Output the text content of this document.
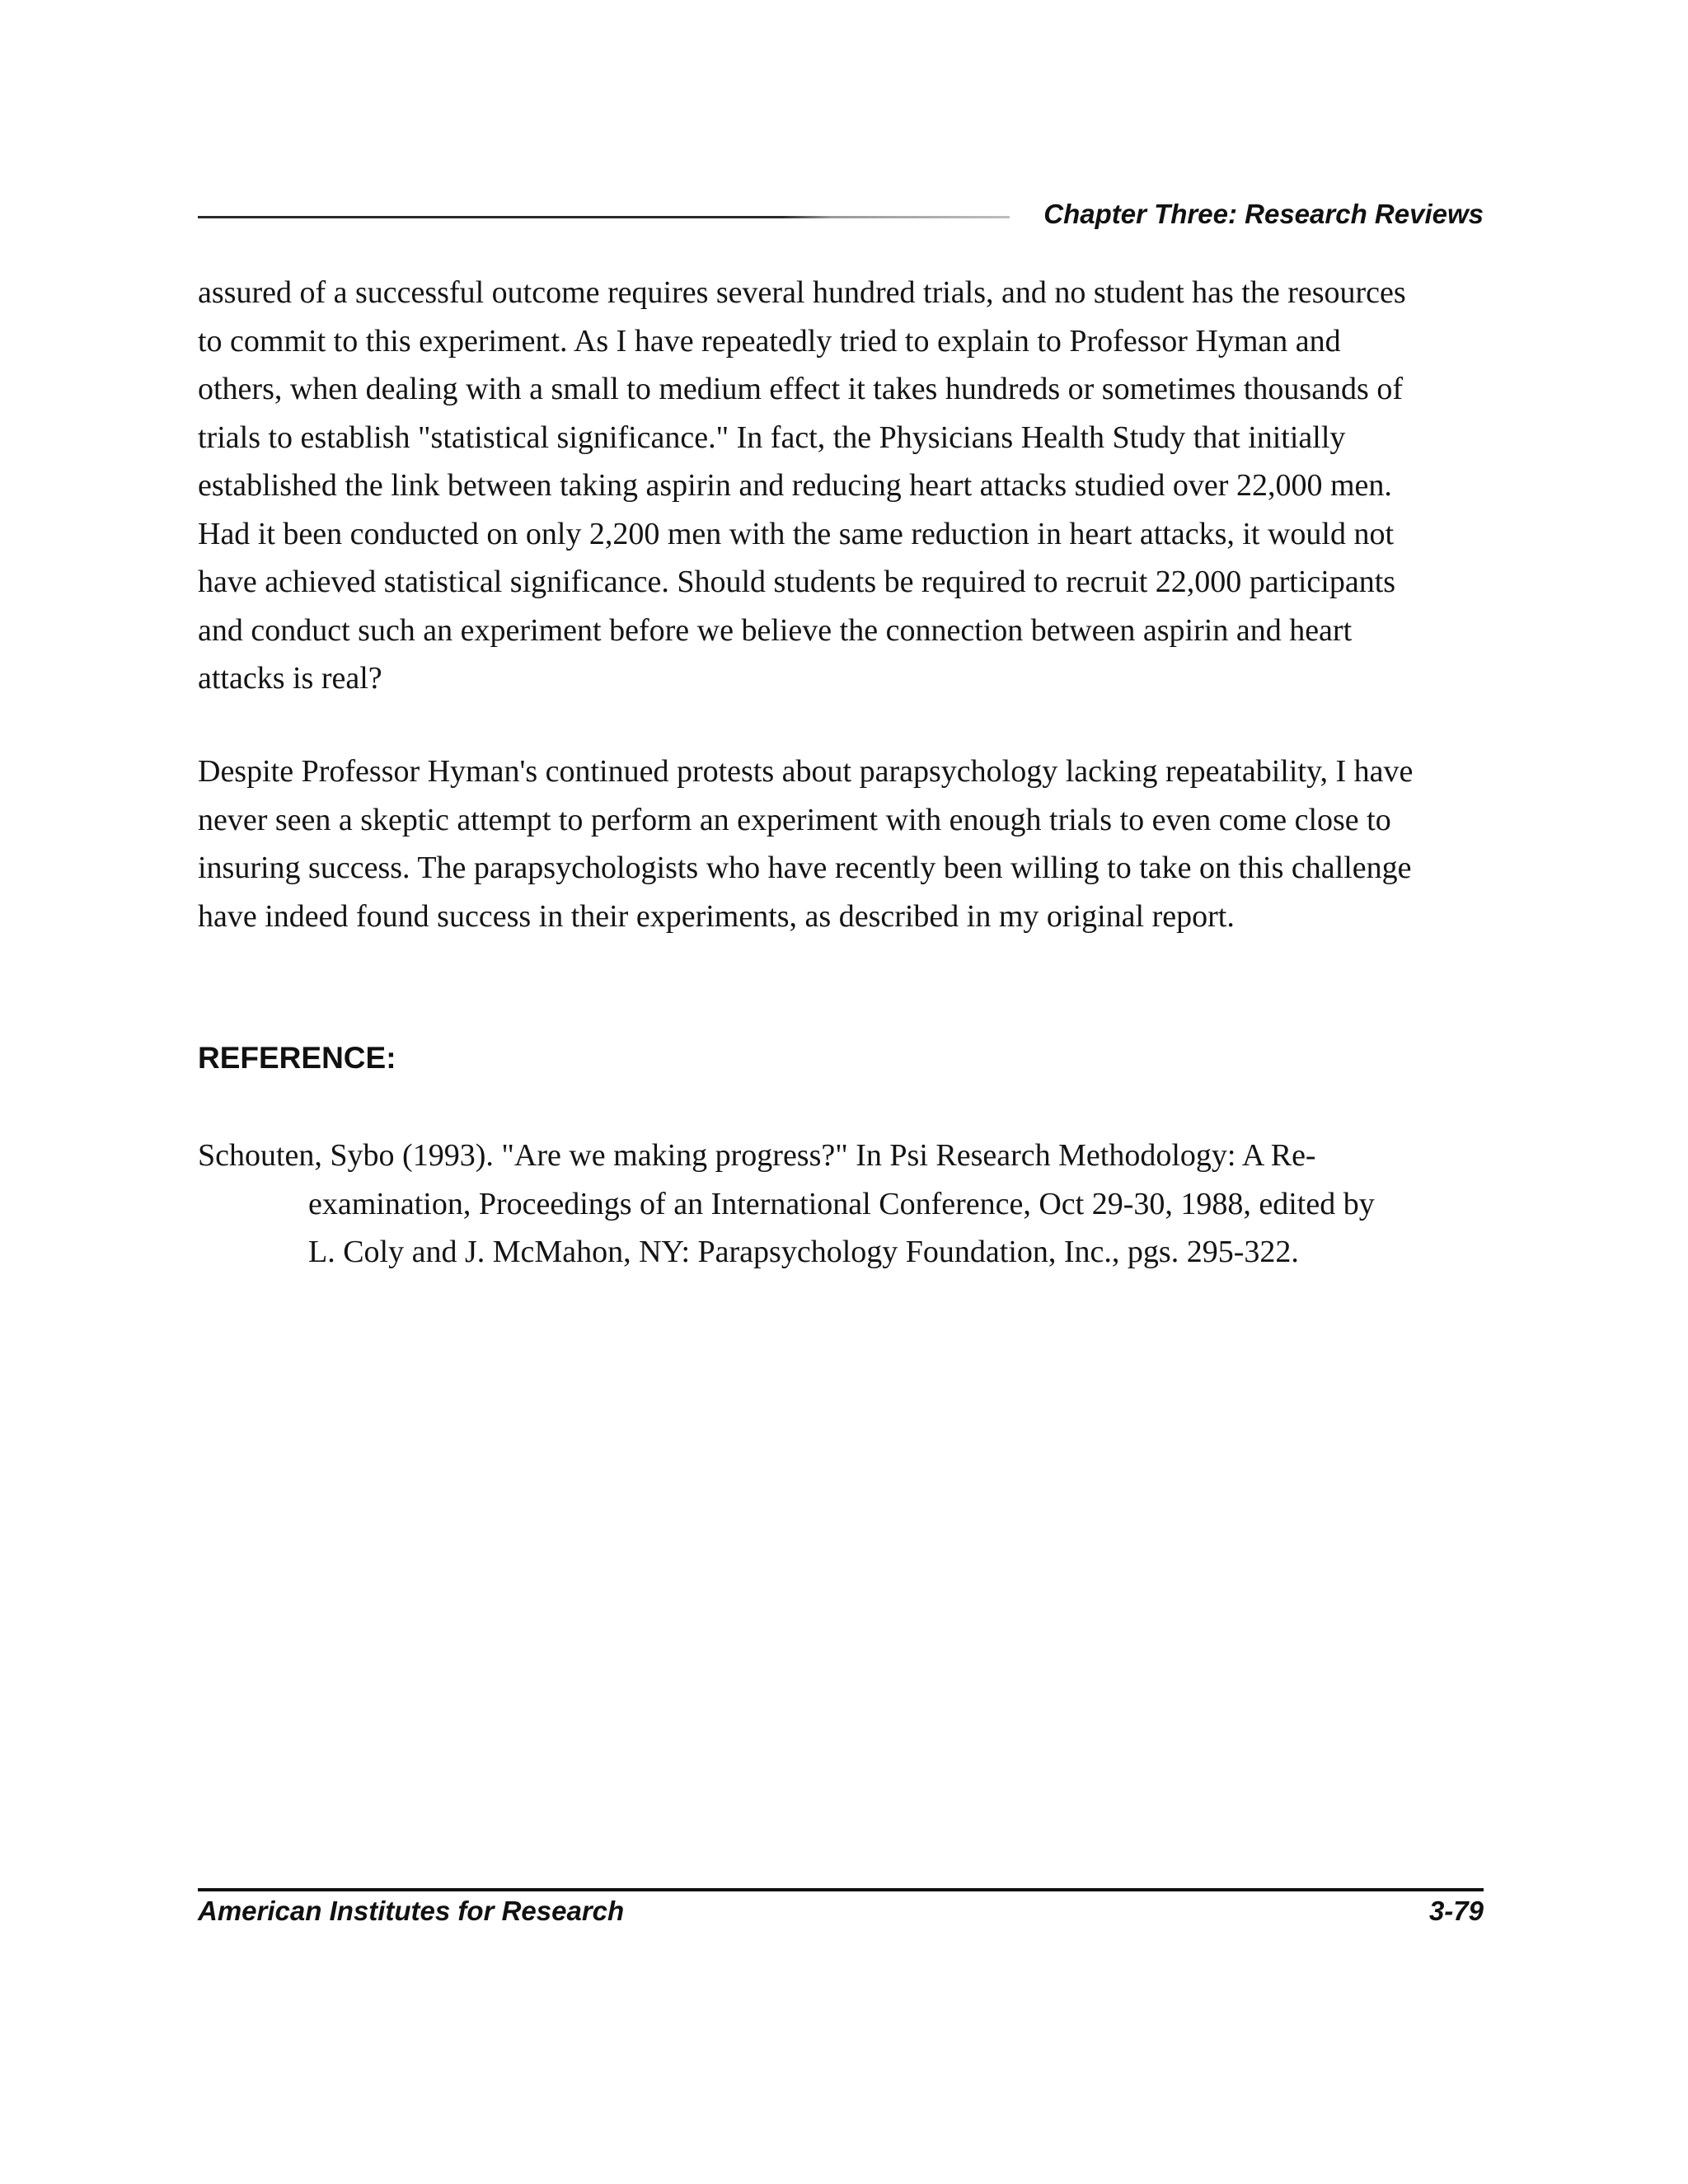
Chapter Three: Research Reviews
assured of a successful outcome requires several hundred trials, and no student has the resources
to commit to this experiment. As I have repeatedly tried to explain to Professor Hyman and
others, when dealing with a small to medium effect it takes hundreds or sometimes thousands of
trials to establish "statistical significance." In fact, the Physicians Health Study that initially
established the link between taking aspirin and reducing heart attacks studied over 22,000 men.
Had it been conducted on only 2,200 men with the same reduction in heart attacks, it would not
have achieved statistical significance. Should students be required to recruit 22,000 participants
and conduct such an experiment before we believe the connection between aspirin and heart
attacks is real?
Despite Professor Hyman's continued protests about parapsychology lacking repeatability, I have
never seen a skeptic attempt to perform an experiment with enough trials to even come close to
insuring success. The parapsychologists who have recently been willing to take on this challenge
have indeed found success in their experiments, as described in my original report.
REFERENCE:
Schouten, Sybo (1993). "Are we making progress?" In Psi Research Methodology: A Re-
examination, Proceedings of an International Conference, Oct 29-30, 1988, edited by
L. Coly and J. McMahon, NY: Parapsychology Foundation, Inc., pgs. 295-322.
American Institutes for Research	3-79
